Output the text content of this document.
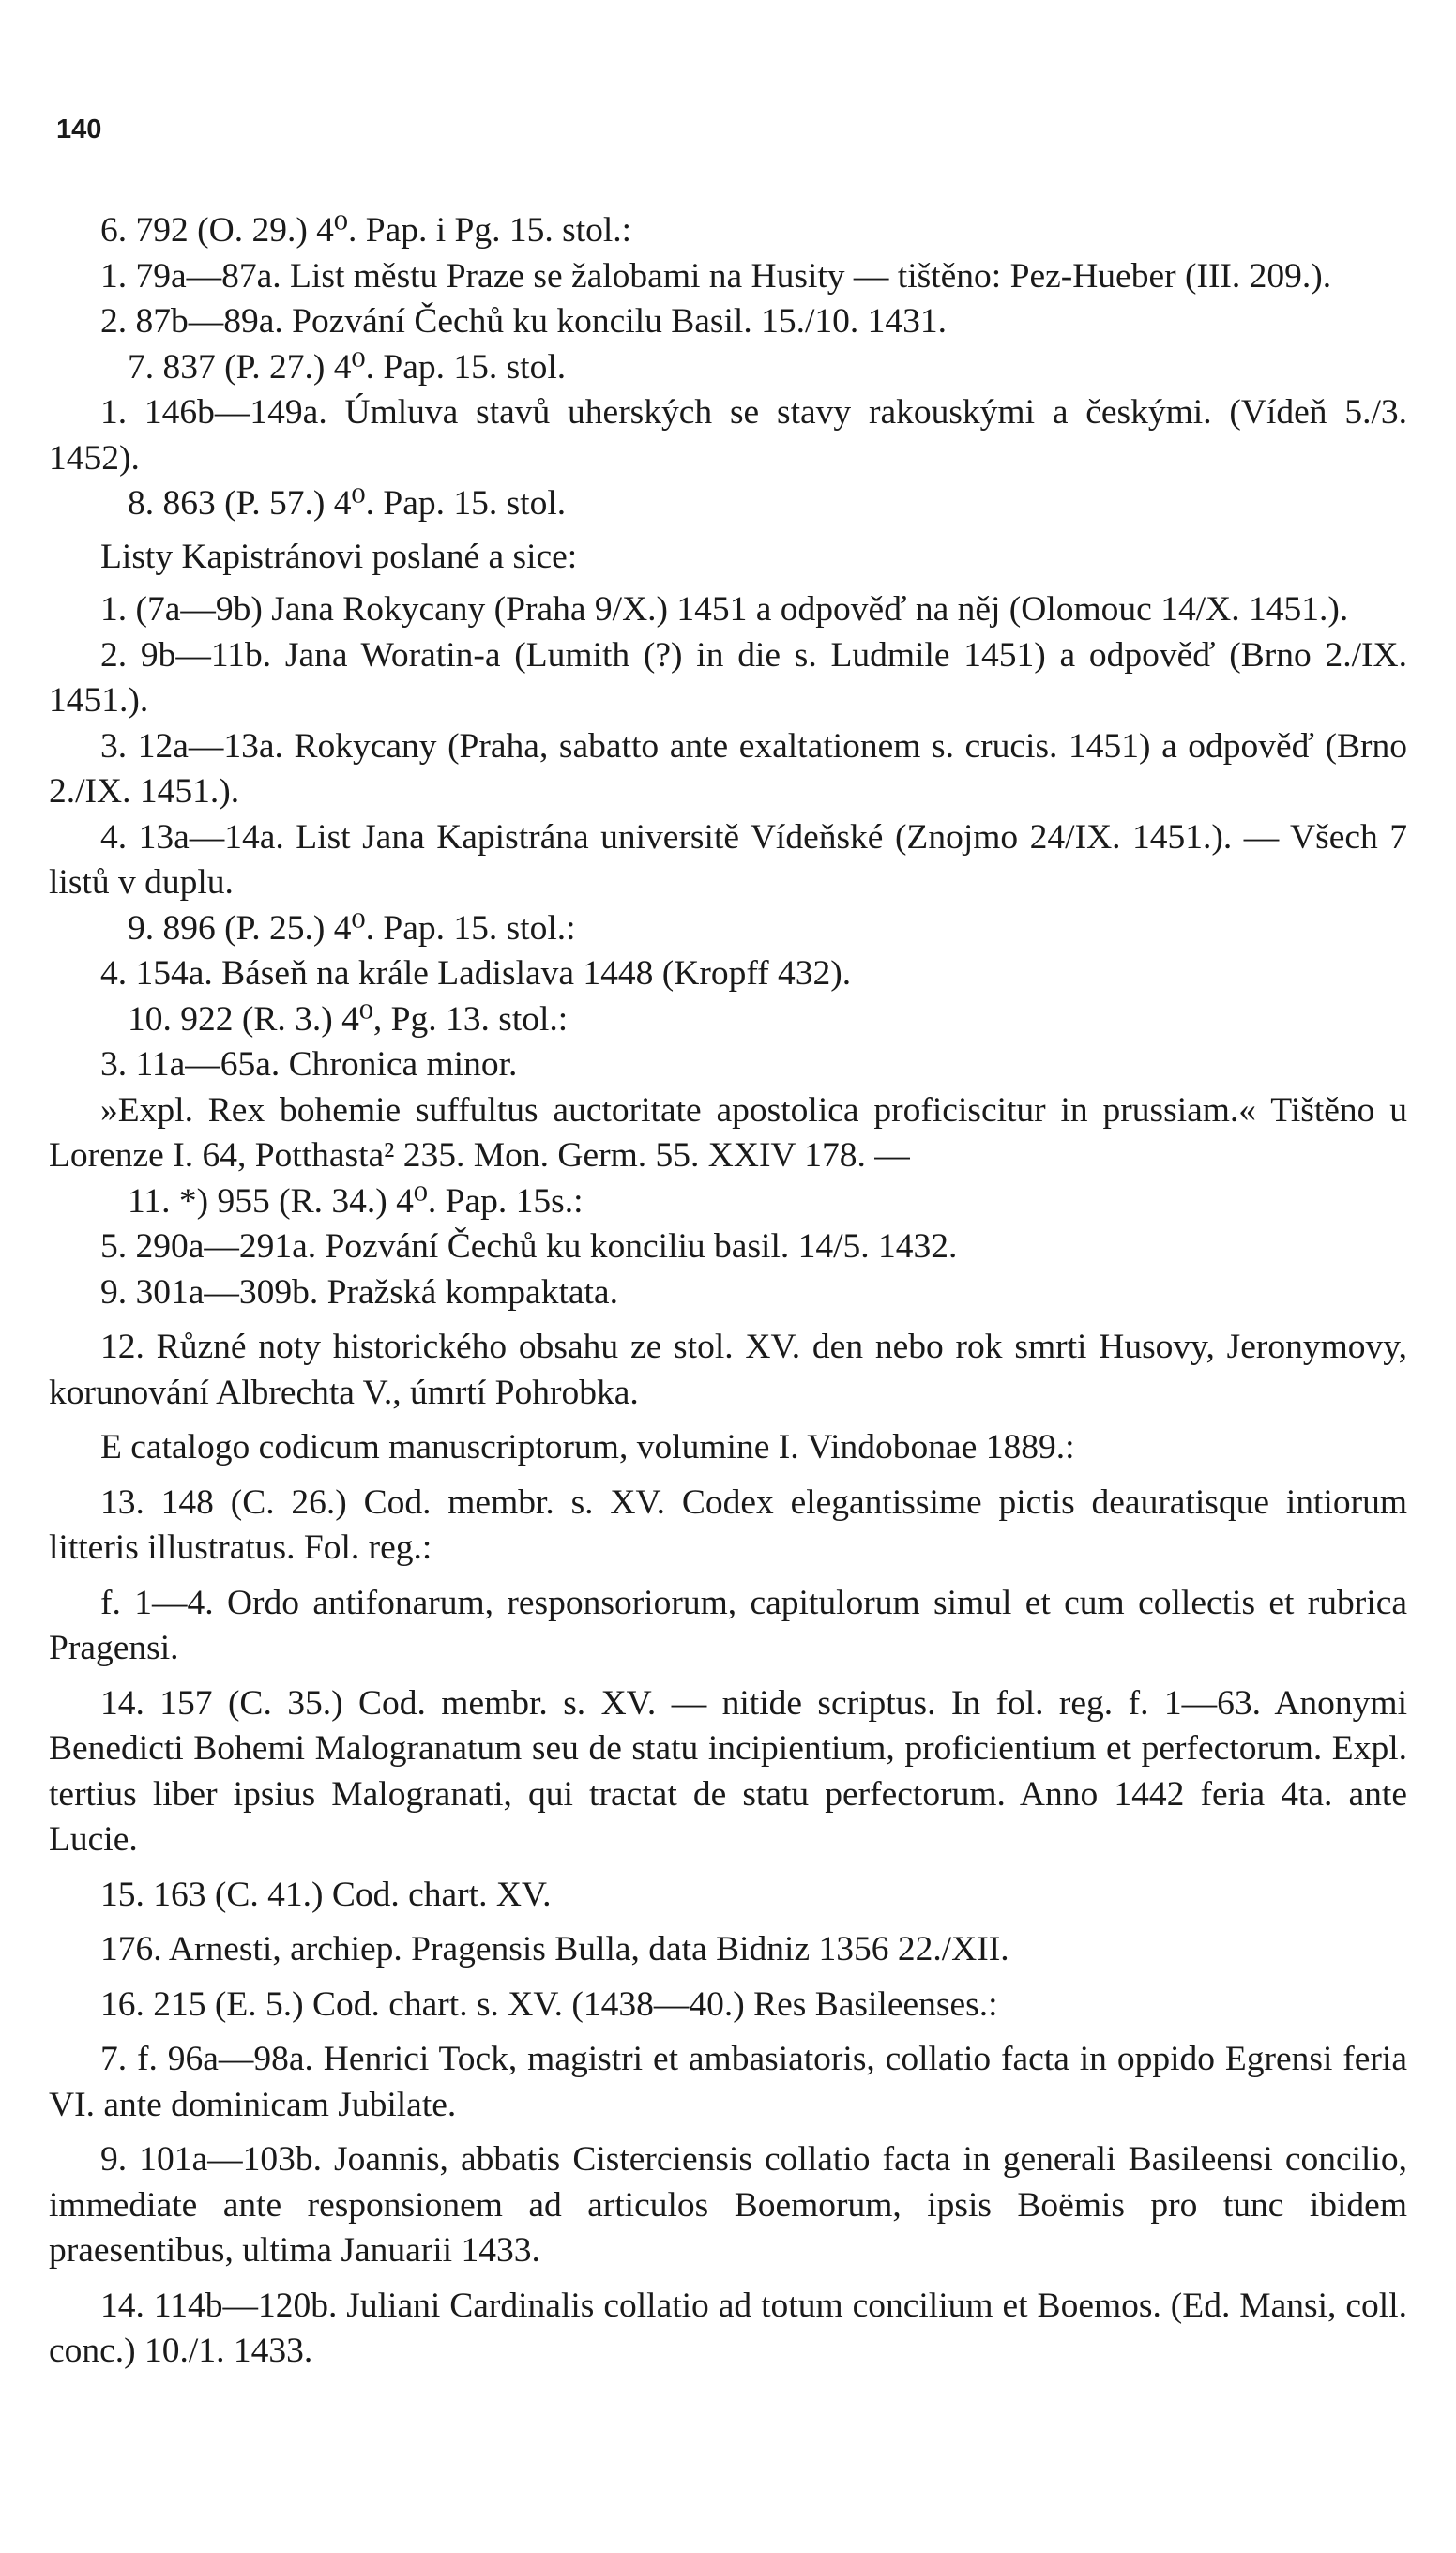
140

6. 792 (O. 29.) 4⁰. Pap. i Pg. 15. stol.:

1. 79a—87a. List městu Praze se žalobami na Husity — tištěno: Pez-Hueber (III. 209.).

2. 87b—89a. Pozvání Čechů ku koncilu Basil. 15./10. 1431.

7. 837 (P. 27.) 4⁰. Pap. 15. stol.

1. 146b—149a. Úmluva stavů uherských se stavy rakouskými a českými. (Vídeň 5./3. 1452).

8. 863 (P. 57.) 4⁰. Pap. 15. stol.

Listy Kapistránovi poslané a sice:

1. (7a—9b) Jana Rokycany (Praha 9/X.) 1451 a odpověď na něj (Olomouc 14/X. 1451.).

2. 9b—11b. Jana Woratin-a (Lumith (?) in die s. Ludmile 1451) a odpověď (Brno 2./IX. 1451.).

3. 12a—13a. Rokycany (Praha, sabatto ante exaltationem s. crucis. 1451) a odpověď (Brno 2./IX. 1451.).

4. 13a—14a. List Jana Kapistrána universitě Vídeňské (Znojmo 24/IX. 1451.). — Všech 7 listů v duplu.

9. 896 (P. 25.) 4⁰. Pap. 15. stol.:

4. 154a. Báseň na krále Ladislava 1448 (Kropff 432).

10. 922 (R. 3.) 4⁰, Pg. 13. stol.:

3. 11a—65a. Chronica minor.

»Expl. Rex bohemie suffultus auctoritate apostolica proficiscitur in prussiam.« Tištěno u Lorenze I. 64, Potthasta² 235. Mon. Germ. 55. XXIV 178. —

11. *) 955 (R. 34.) 4⁰. Pap. 15s.:

5. 290a—291a. Pozvání Čechů ku konciliu basil. 14/5. 1432.

9. 301a—309b. Pražská kompaktata.

12. Různé noty historického obsahu ze stol. XV. den nebo rok smrti Husovy, Jeronymovy, korunování Albrechta V., úmrtí Pohrobka.

E catalogo codicum manuscriptorum, volumine I. Vindobonae 1889.:

13. 148 (C. 26.) Cod. membr. s. XV. Codex elegantissime pictis deauratisque intiorum litteris illustratus. Fol. reg.:

f. 1—4. Ordo antifonarum, responsoriorum, capitulorum simul et cum collectis et rubrica Pragensi.

14. 157 (C. 35.) Cod. membr. s. XV. — nitide scriptus. In fol. reg. f. 1—63. Anonymi Benedicti Bohemi Malogranatum seu de statu incipientium, proficientium et perfectorum. Expl. tertius liber ipsius Malogranati, qui tractat de statu perfectorum. Anno 1442 feria 4ta. ante Lucie.

15. 163 (C. 41.) Cod. chart. XV.

176. Arnesti, archiep. Pragensis Bulla, data Bidniz 1356 22./XII.

16. 215 (E. 5.) Cod. chart. s. XV. (1438—40.) Res Basileenses.:

7. f. 96a—98a. Henrici Tock, magistri et ambasiatoris, collatio facta in oppido Egrensi feria VI. ante dominicam Jubilate.

9. 101a—103b. Joannis, abbatis Cisterciensis collatio facta in generali Basileensi concilio, immediate ante responsionem ad articulos Boemorum, ipsis Boëmis pro tunc ibidem praesentibus, ultima Januarii 1433.

14. 114b—120b. Juliani Cardinalis collatio ad totum concilium et Boemos. (Ed. Mansi, coll. conc.) 10./1. 1433.
